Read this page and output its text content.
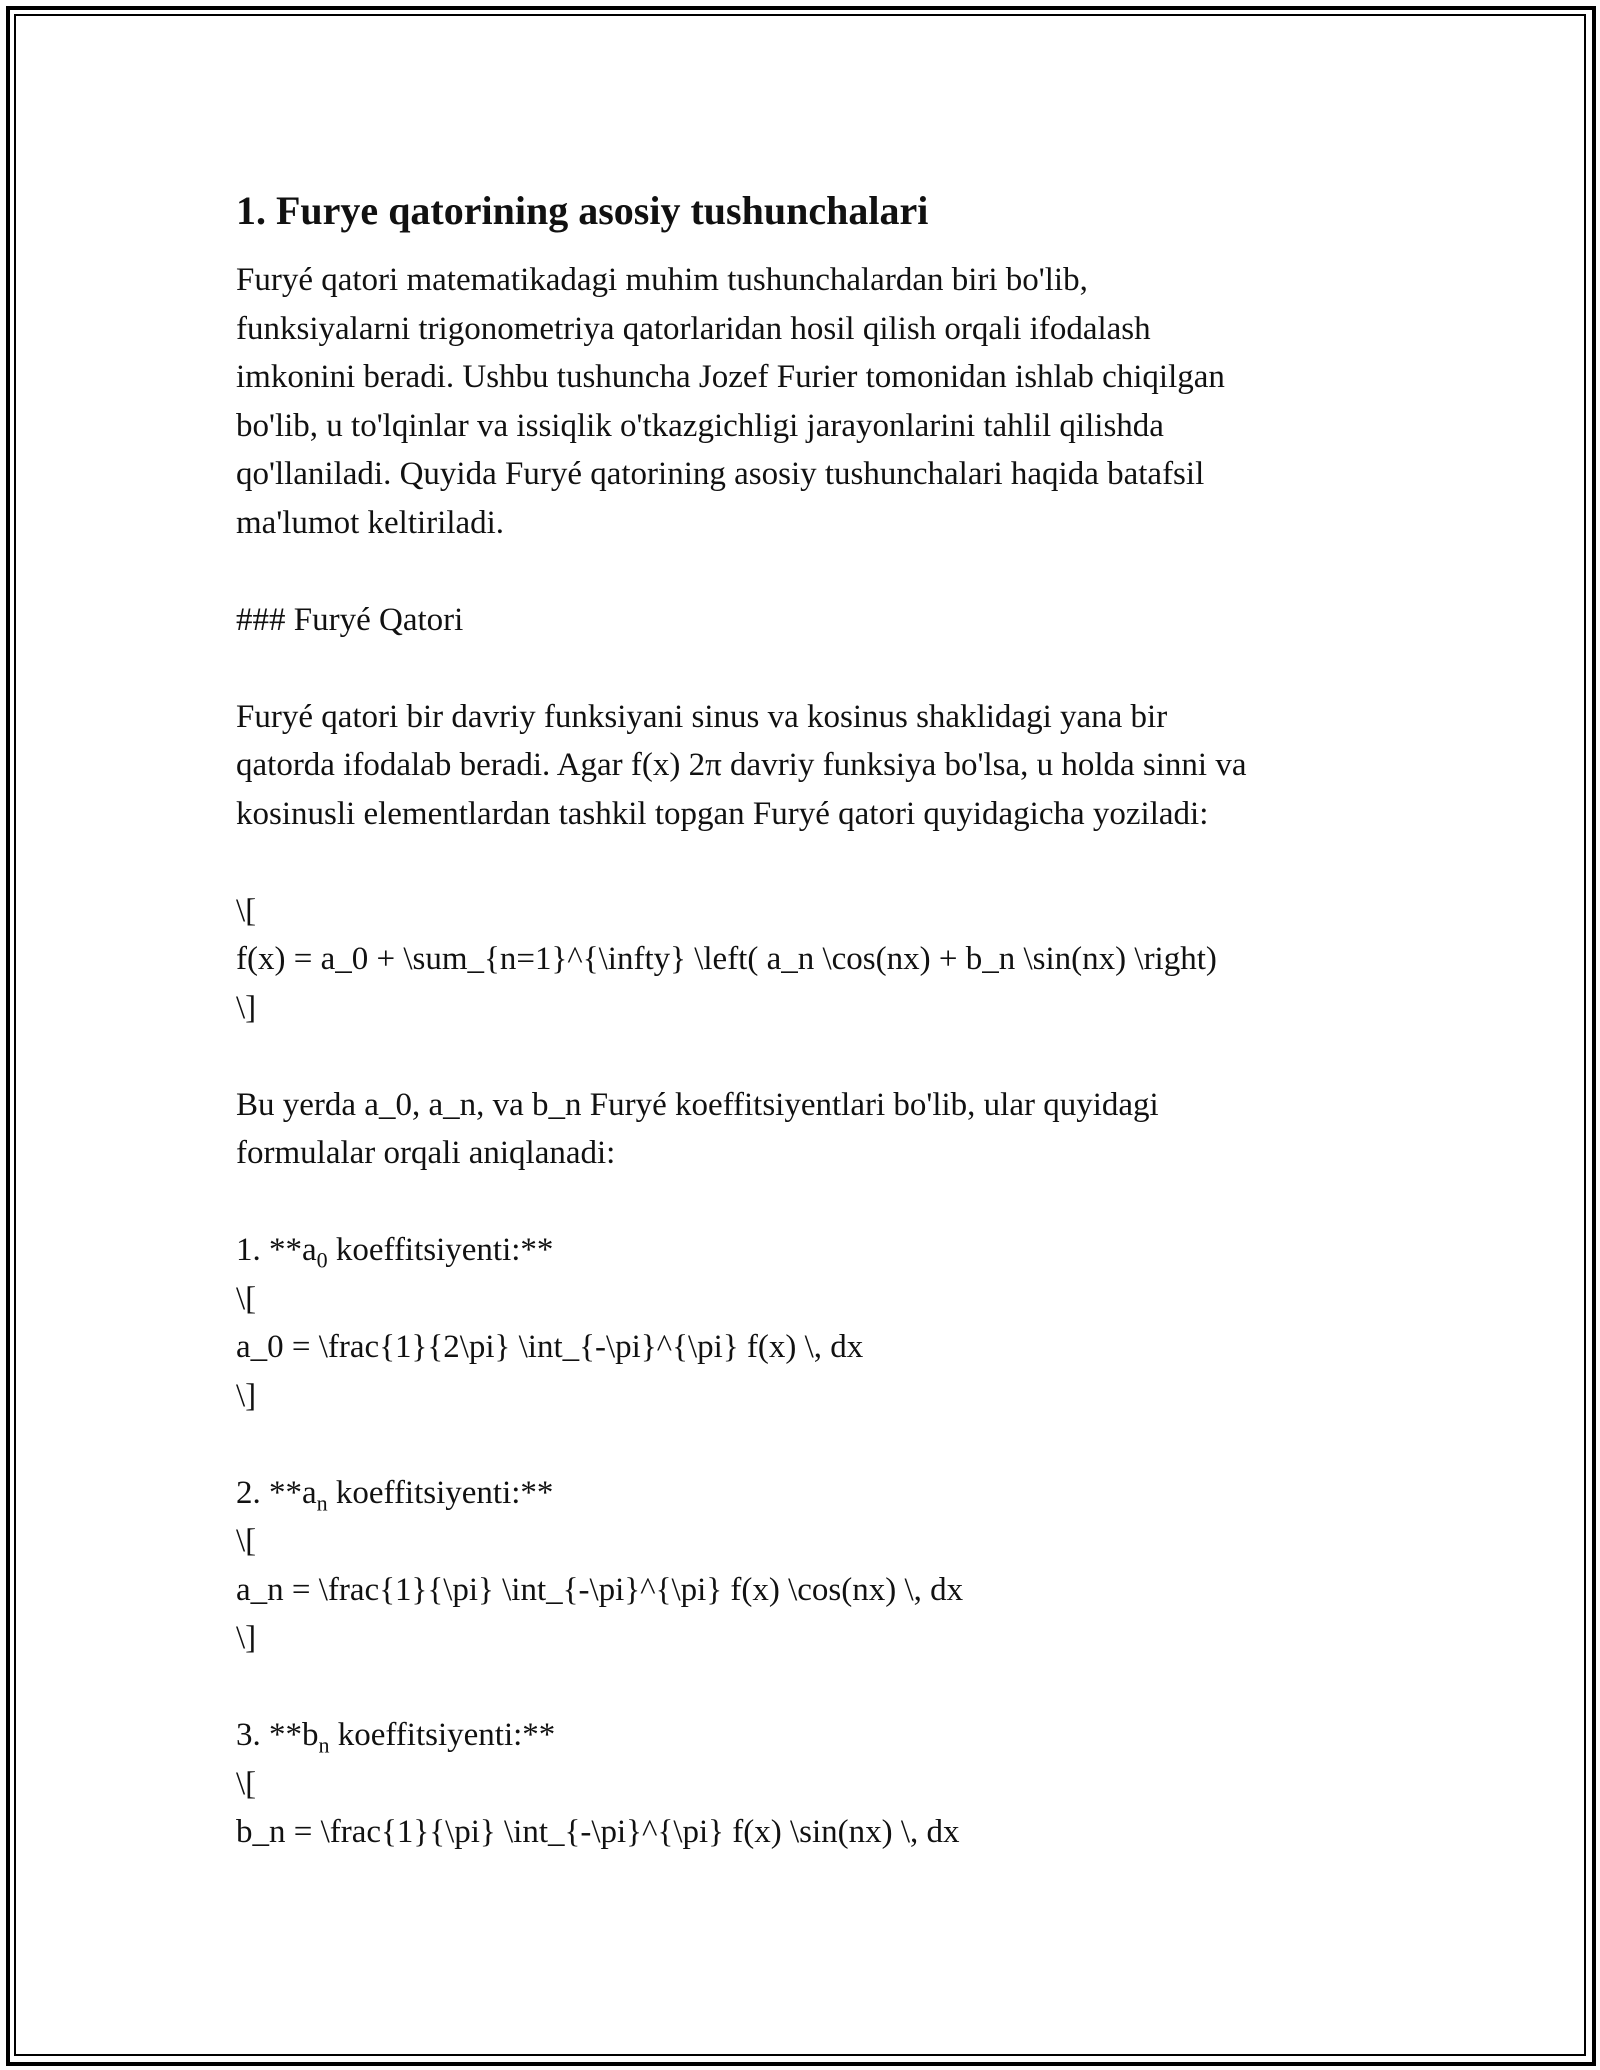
1. Furye qatorining asosiy tushunchalari

Furyé qatori matematikadagi muhim tushunchalardan biri bo'lib,
funksiyalarni trigonometriya qatorlaridan hosil qilish orqali ifodalash
imkonini beradi. Ushbu tushuncha Jozef Furier tomonidan ishlab chiqilgan
bo'lib, u to'lqinlar va issiqlik o'tkazgichligi jarayonlarini tahlil qilishda
qo'llaniladi. Quyida Furyé qatorining asosiy tushunchalari haqida batafsil
ma'lumot keltiriladi.

### Furyé Qatori

Furyé qatori bir davriy funksiyani sinus va kosinus shaklidagi yana bir
qatorda ifodalab beradi. Agar f(x) 2π davriy funksiya bo'lsa, u holda sinni va
kosinusli elementlardan tashkil topgan Furyé qatori quyidagicha yoziladi:

\[
f(x) = a_0 + \sum_{n=1}^{\infty} \left( a_n \cos(nx) + b_n \sin(nx) \right)
\]

Bu yerda a_0, a_n, va b_n Furyé koeffitsiyentlari bo'lib, ular quyidagi
formulalar orqali aniqlanadi:

1. $**a_0$ koeffitsiyenti:**
\[
a_0 = \frac{1}{2\pi} \int_{-\pi}^{\pi} f(x) \, dx
\]
2. $**a_n$ koeffitsiyenti:**
\[
a_n = \frac{1}{\pi} \int_{-\pi}^{\pi} f(x) \cos(nx) \, dx
\]
3. $**b_n$ koeffitsiyenti:**
\[
b_n = \frac{1}{\pi} \int_{-\pi}^{\pi} f(x) \sin(nx) \, dx
